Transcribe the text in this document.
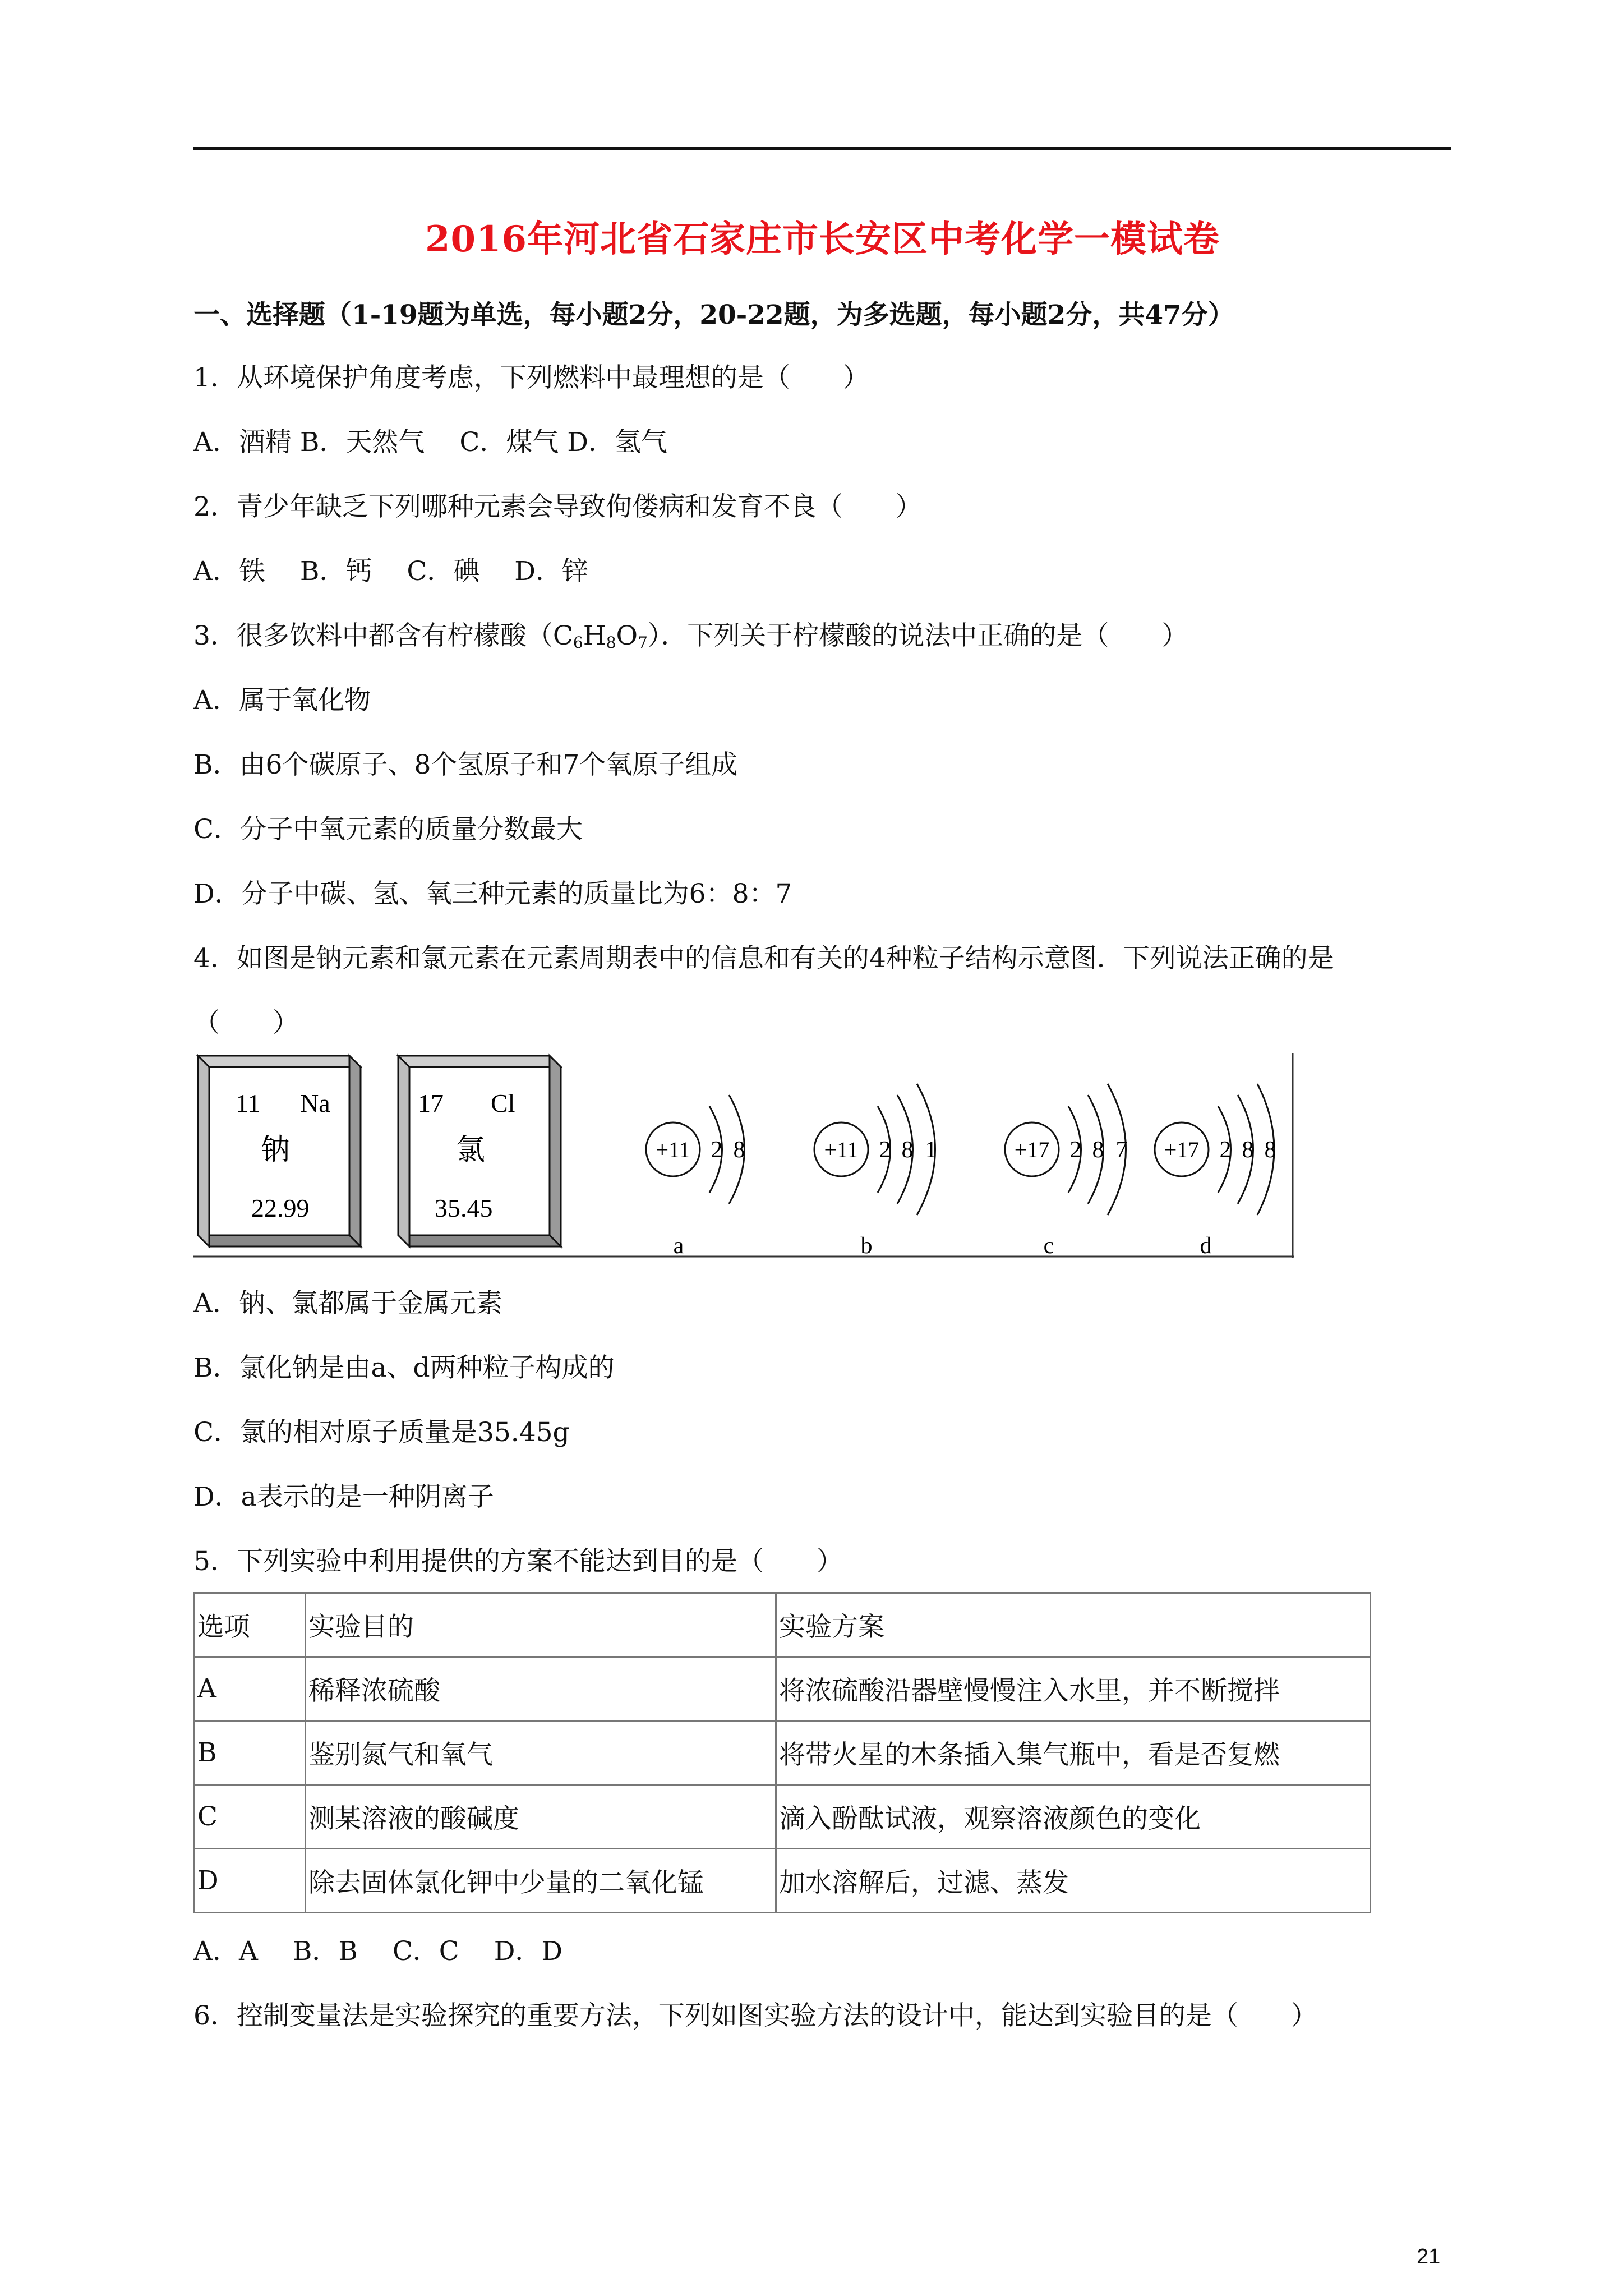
2016年河北省石家庄市长安区中考化学一模试卷
一、选择题（1-19题为单选，每小题2分，20-22题，为多选题，每小题2分，共47分）
1．从环境保护角度考虑，下列燃料中最理想的是（　　）
A．酒精 B．天然气　 C．煤气 D．氢气
2．青少年缺乏下列哪种元素会导致佝偻病和发育不良（　　）
A．铁　 B．钙　 C．碘　 D．锌
3．很多饮料中都含有柠檬酸$(C_6H_8O_7)$．下列关于柠檬酸的说法中正确的是（　　）
A．属于氧化物
B．由6个碳原子、8个氢原子和7个氧原子组成
C．分子中氧元素的质量分数最大
D．分子中碳、氢、氧三种元素的质量比为6：8：7
4．如图是钠元素和氯元素在元素周期表中的信息和有关的4种粒子结构示意图．下列说法正确的是
（　　）
11 Na
钠
22.99
17 Cl
氯
35.45
+11 2 8
a
+11 2 8 1
b
+17 2 8 7
c
+17 2 8 8
d
A．钠、氯都属于金属元素
B．氯化钠是由a、d两种粒子构成的
C．氯的相对原子质量是35.45g
D．a表示的是一种阴离子
5．下列实验中利用提供的方案不能达到目的是（　　）
选项	实验目的	实验方案
A	稀释浓硫酸	将浓硫酸沿器壁慢慢注入水里，并不断搅拌
B	鉴别氮气和氧气	将带火星的木条插入集气瓶中，看是否复燃
C	测某溶液的酸碱度	滴入酚酞试液，观察溶液颜色的变化
D	除去固体氯化钾中少量的二氧化锰	加水溶解后，过滤、蒸发
A．A　 B．B　 C．C　 D．D
6．控制变量法是实验探究的重要方法，下列如图实验方法的设计中，能达到实验目的是（　　）
21
